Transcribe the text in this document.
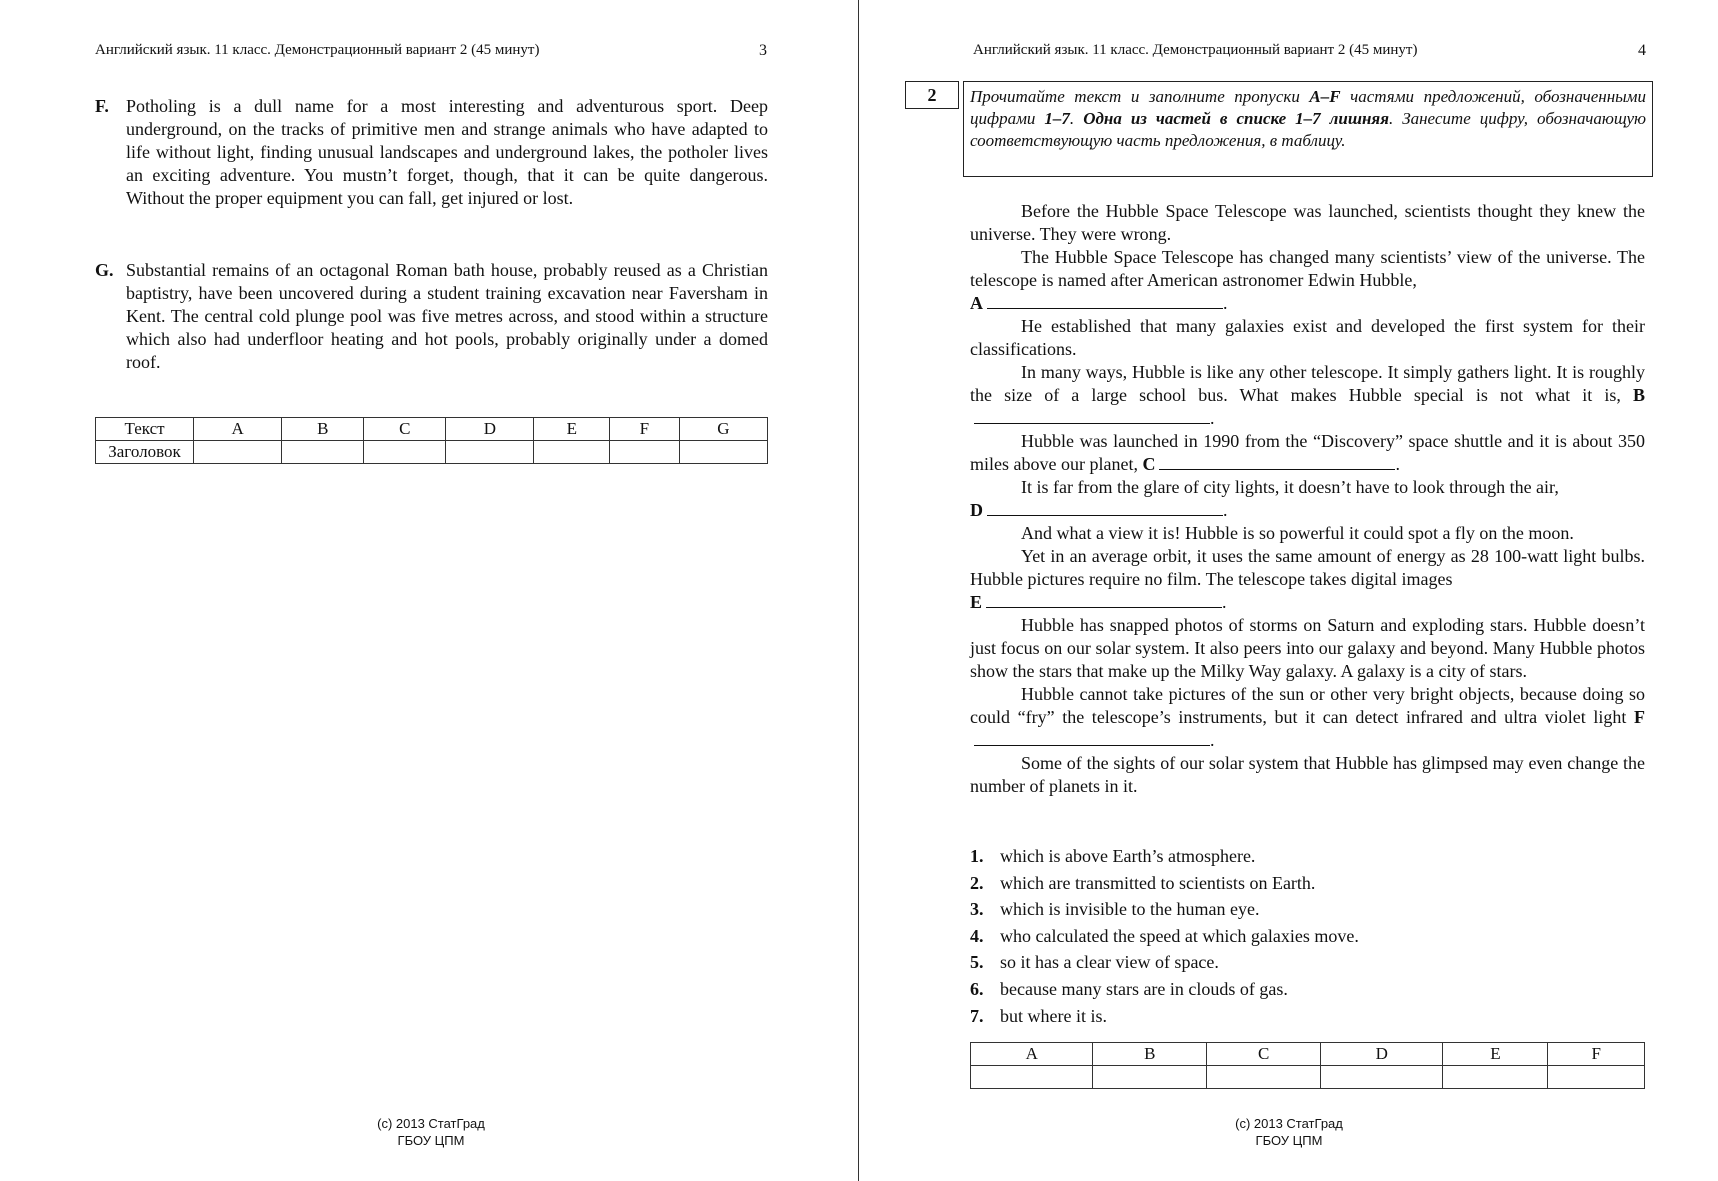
Английский язык. 11 класс. Демонстрационный вариант 2 (45 минут)	3
F. Potholing is a dull name for a most interesting and adventurous sport. Deep underground, on the tracks of primitive men and strange animals who have adapted to life without light, finding unusual landscapes and underground lakes, the potholer lives an exciting adventure. You mustn’t forget, though, that it can be quite dangerous. Without the proper equipment you can fall, get injured or lost.
G. Substantial remains of an octagonal Roman bath house, probably reused as a Christian baptistry, have been uncovered during a student training excavation near Faversham in Kent. The central cold plunge pool was five metres across, and stood within a structure which also had underfloor heating and hot pools, probably originally under a domed roof.
Текст	A	B	C	D	E	F	G
Заголовок							
(c) 2013 СтатГрад
ГБОУ ЦПМ
Английский язык. 11 класс. Демонстрационный вариант 2 (45 минут)	4
2	Прочитайте текст и заполните пропуски A–F частями предложений, обозначенными цифрами 1–7. Одна из частей в списке 1–7 лишняя. Занесите цифру, обозначающую соответствующую часть предложения, в таблицу.

Before the Hubble Space Telescope was launched, scientists thought they knew the universe. They were wrong.

The Hubble Space Telescope has changed many scientists’ view of the universe. The telescope is named after American astronomer Edwin Hubble,

A	.

He established that many galaxies exist and developed the first system for their classifications.

In many ways, Hubble is like any other telescope. It simply gathers light. It is roughly the size of a large school bus. What makes Hubble special is not what it is, B.

Hubble was launched in 1990 from the “Discovery” space shuttle and it is about 350 miles above our planet, C	.

It is far from the glare of city lights, it doesn’t have to look through the air,

D	.

And what a view it is! Hubble is so powerful it could spot a fly on the moon.

Yet in an average orbit, it uses the same amount of energy as 28 100-watt light bulbs. Hubble pictures require no film. The telescope takes digital images

E	.

Hubble has snapped photos of storms on Saturn and exploding stars. Hubble doesn’t just focus on our solar system. It also peers into our galaxy and beyond. Many Hubble photos show the stars that make up the Milky Way galaxy. A galaxy is a city of stars.

Hubble cannot take pictures of the sun or other very bright objects, because doing so could “fry” the telescope’s instruments, but it can detect infrared and ultra violet light F.

Some of the sights of our solar system that Hubble has glimpsed may even change the number of planets in it.

1. which is above Earth’s atmosphere.
2. which are transmitted to scientists on Earth.
3. which is invisible to the human eye.
4. who calculated the speed at which galaxies move.
5. so it has a clear view of space.
6. because many stars are in clouds of gas.
7. but where it is.
A	B	C	D	E	F

(c) 2013 СтатГрад
ГБОУ ЦПМ
